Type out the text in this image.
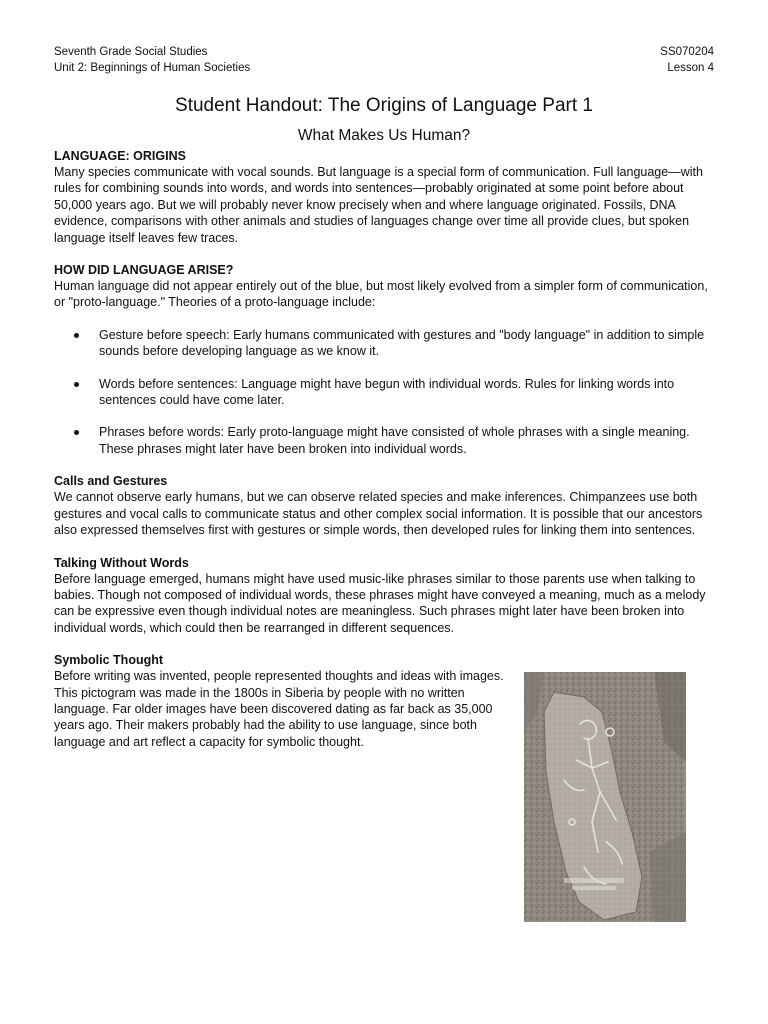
Seventh Grade Social Studies
Unit 2: Beginnings of Human Societies
SS070204
Lesson 4
Student Handout: The Origins of Language Part 1
What Makes Us Human?
LANGUAGE: ORIGINS

Many species communicate with vocal sounds. But language is a special form of communication. Full language—with rules for combining sounds into words, and words into sentences—probably originated at some point before about 50,000 years ago. But we will probably never know precisely when and where language originated. Fossils, DNA evidence, comparisons with other animals and studies of languages change over time all provide clues, but spoken language itself leaves few traces.

HOW DID LANGUAGE ARISE?

Human language did not appear entirely out of the blue, but most likely evolved from a simpler form of communication, or "proto-language." Theories of a proto-language include:

Gesture before speech: Early humans communicated with gestures and "body language" in addition to simple sounds before developing language as we know it.
Words before sentences: Language might have begun with individual words. Rules for linking words into sentences could have come later.
Phrases before words: Early proto-language might have consisted of whole phrases with a single meaning. These phrases might later have been broken into individual words.
Calls and Gestures

We cannot observe early humans, but we can observe related species and make inferences. Chimpanzees use both gestures and vocal calls to communicate status and other complex social information. It is possible that our ancestors also expressed themselves first with gestures or simple words, then developed rules for linking them into sentences.

Talking Without Words

Before language emerged, humans might have used music-like phrases similar to those parents use when talking to babies. Though not composed of individual words, these phrases might have conveyed a meaning, much as a melody can be expressive even though individual notes are meaningless. Such phrases might later have been broken into individual words, which could then be rearranged in different sequences.

Symbolic Thought

Before writing was invented, people represented thoughts and ideas with images. This pictogram was made in the 1800s in Siberia by people with no written language. Far older images have been discovered dating as far back as 35,000 years ago. Their makers probably had the ability to use language, since both language and art reflect a capacity for symbolic thought.
